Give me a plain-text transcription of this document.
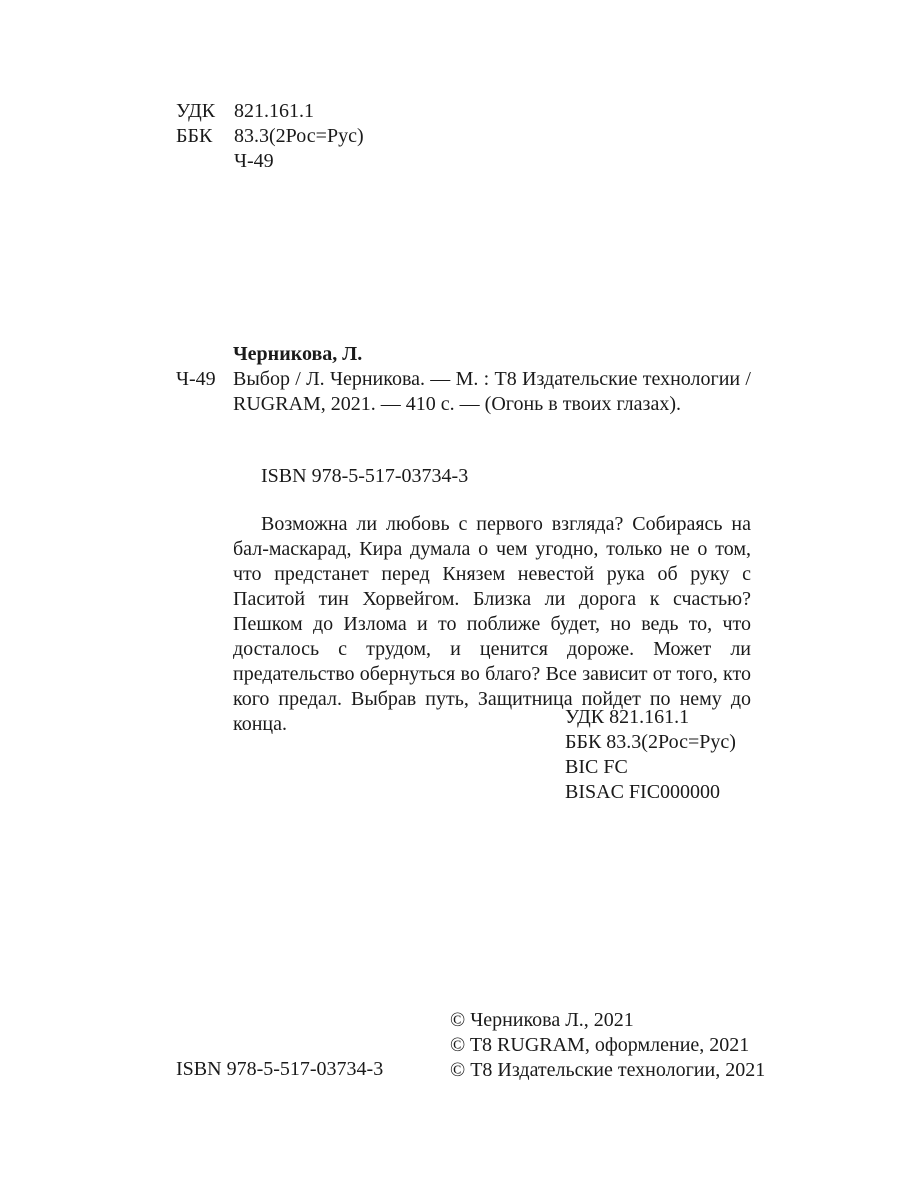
УДК 821.161.1
ББК 83.3(2Рос=Рус)
Ч-49
Черникова, Л.
Ч-49 Выбор / Л. Черникова. — М. : Т8 Издательские технологии / RUGRAM, 2021. — 410 с. — (Огонь в твоих глазах).
ISBN 978-5-517-03734-3
Возможна ли любовь с первого взгляда? Собираясь на бал-маскарад, Кира думала о чем угодно, только не о том, что предстанет перед Князем невестой рука об руку с Паситой тин Хорвейгом. Близка ли дорога к счастью? Пешком до Излома и то поближе будет, но ведь то, что досталось с трудом, и ценится дороже. Может ли предательство обернуться во благо? Все зависит от того, кто кого предал. Выбрав путь, Защитница пойдет по нему до конца.	УДК 821.161.1
ББК 83.3(2Рос=Рус)
BIC FC
BISAC FIC000000
ISBN 978-5-517-03734-3
© Черникова Л., 2021
© T8 RUGRAM, оформление, 2021
© Т8 Издательские технологии, 2021
